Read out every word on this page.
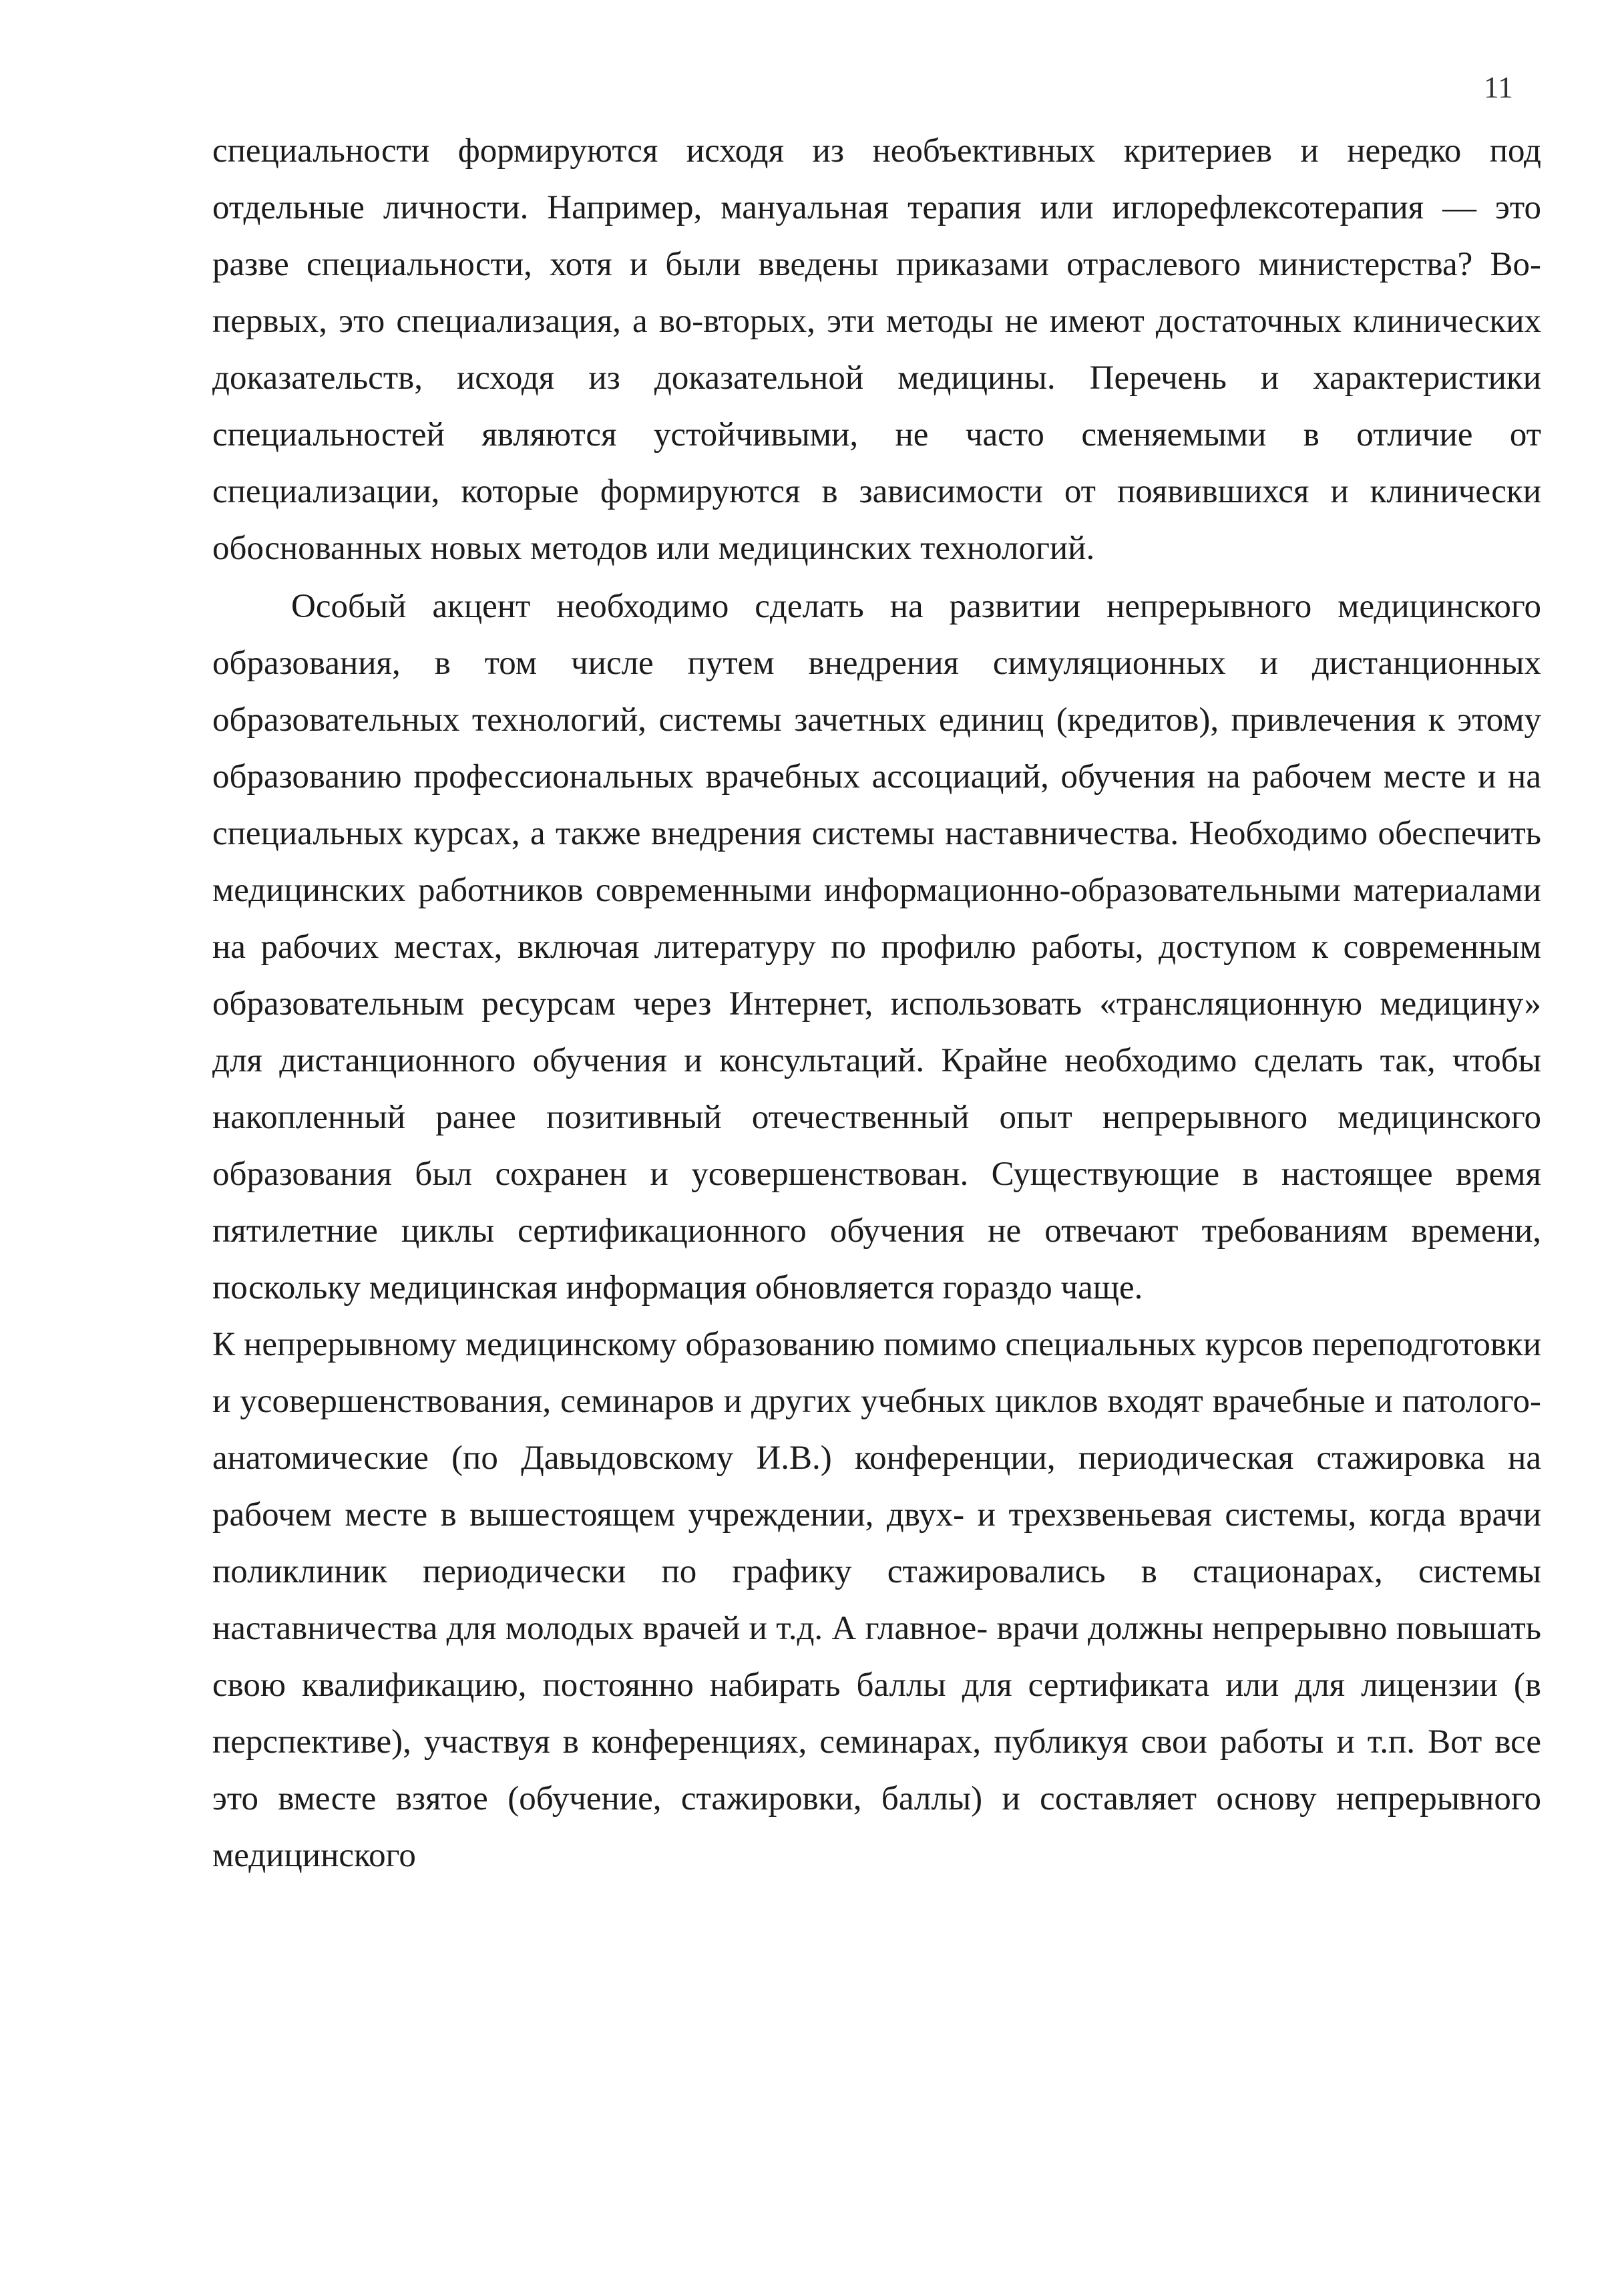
11

специальности формируются исходя из необъективных критериев и нередко под отдельные личности. Например, мануальная терапия или иглорефлексотерапия — это разве специальности, хотя и были введены приказами отраслевого министерства? Во-первых, это специализация, а во-вторых, эти методы не имеют достаточных клинических доказательств, исходя из доказательной медицины. Перечень и характеристики специальностей являются устойчивыми, не часто сменяемыми в отличие от специализации, которые формируются в зависимости от появившихся и клинически обоснованных новых методов или медицинских технологий.

Особый акцент необходимо сделать на развитии непрерывного медицинского образования, в том числе путем внедрения симуляционных и дистанционных образовательных технологий, системы зачетных единиц (кредитов), привлечения к этому образованию профессиональных врачебных ассоциаций, обучения на рабочем месте и на специальных курсах, а также внедрения системы наставничества. Необходимо обеспечить медицинских работников современными информационно-образовательными материалами на рабочих местах, включая литературу по профилю работы, доступом к современным образовательным ресурсам через Интернет, использовать «трансляционную медицину» для дистанционного обучения и консультаций. Крайне необходимо сделать так, чтобы накопленный ранее позитивный отечественный опыт непрерывного медицинского образования был сохранен и усовершенствован. Существующие в настоящее время пятилетние циклы сертификационного обучения не отвечают требованиям времени, поскольку медицинская информация обновляется гораздо чаще.

К непрерывному медицинскому образованию помимо специальных курсов переподготовки и усовершенствования, семинаров и других учебных циклов входят врачебные и патолого-анатомические (по Давыдовскому И.В.) конференции, периодическая стажировка на рабочем месте в вышестоящем учреждении, двух- и трехзвеньевая системы, когда врачи поликлиник периодически по графику стажировались в стационарах, системы наставничества для молодых врачей и т.д. А главное- врачи должны непрерывно повышать свою квалификацию, постоянно набирать баллы для сертификата или для лицензии (в перспективе), участвуя в конференциях, семинарах, публикуя свои работы и т.п. Вот все это вместе взятое (обучение, стажировки, баллы) и составляет основу непрерывного медицинского
